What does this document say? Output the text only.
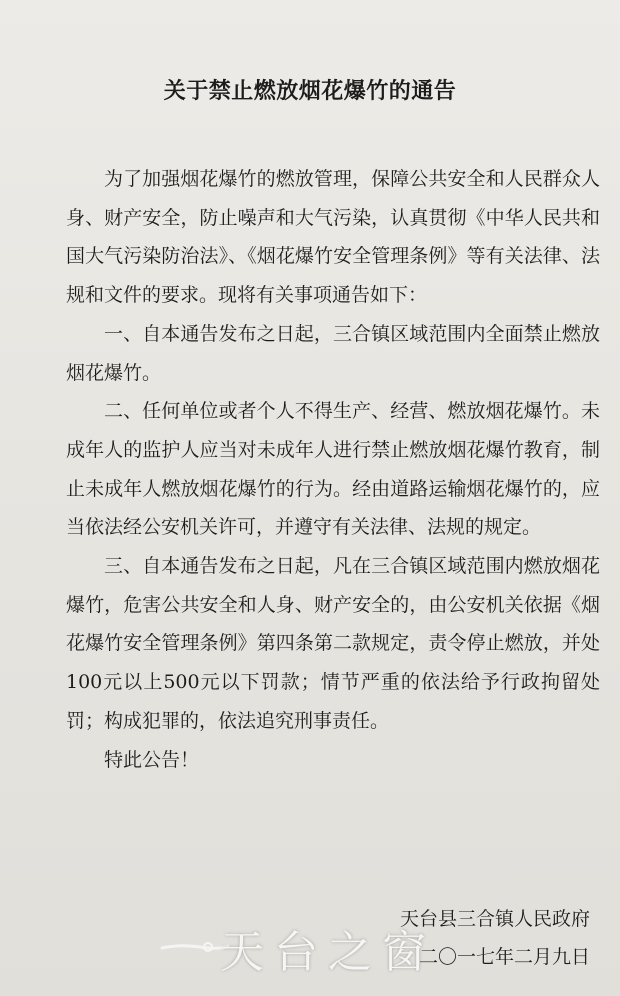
关于禁止燃放烟花爆竹的通告

为了加强烟花爆竹的燃放管理，保障公共安全和人民群众人身、财产安全，防止噪声和大气污染，认真贯彻《中华人民共和国大气污染防治法》、《烟花爆竹安全管理条例》等有关法律、法规和文件的要求。现将有关事项通告如下：

一、自本通告发布之日起，三合镇区域范围内全面禁止燃放烟花爆竹。

二、任何单位或者个人不得生产、经营、燃放烟花爆竹。未成年人的监护人应当对未成年人进行禁止燃放烟花爆竹教育，制止未成年人燃放烟花爆竹的行为。经由道路运输烟花爆竹的，应当依法经公安机关许可，并遵守有关法律、法规的规定。

三、自本通告发布之日起，凡在三合镇区域范围内燃放烟花爆竹，危害公共安全和人身、财产安全的，由公安机关依据《烟花爆竹安全管理条例》第四条第二款规定，责令停止燃放，并处100元以上500元以下罚款；情节严重的依法给予行政拘留处罚；构成犯罪的，依法追究刑事责任。

特此公告！

天台县三合镇人民政府
二〇一七年二月九日
天台之窗
